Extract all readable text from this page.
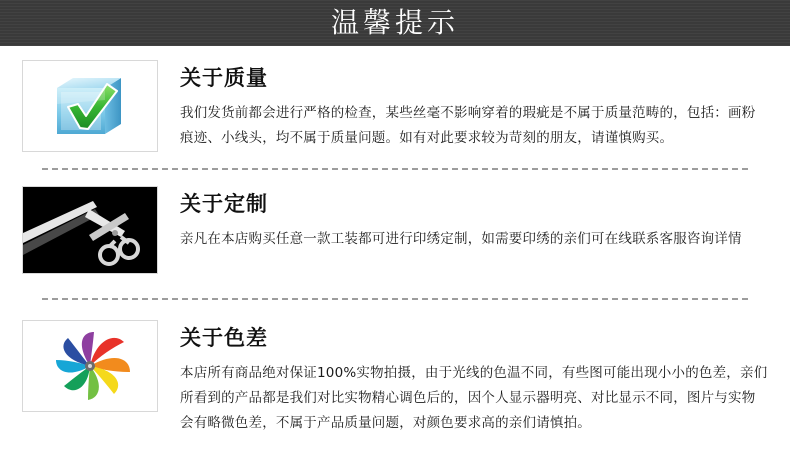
温馨提示
关于质量

我们发货前都会进行严格的检查，某些丝毫不影响穿着的瑕疵是不属于质量范畴的，包括：画粉痕迹、小线头，均不属于质量问题。如有对此要求较为苛刻的朋友，请谨慎购买。

关于定制

亲凡在本店购买任意一款工装都可进行印绣定制，如需要印绣的亲们可在线联系客服咨询详情

关于色差

本店所有商品绝对保证100%实物拍摄，由于光线的色温不同，有些图可能出现小小的色差，亲们所看到的产品都是我们对比实物精心调色后的，因个人显示器明亮、对比显示不同，图片与实物会有略微色差，不属于产品质量问题，对颜色要求高的亲们请慎拍。
